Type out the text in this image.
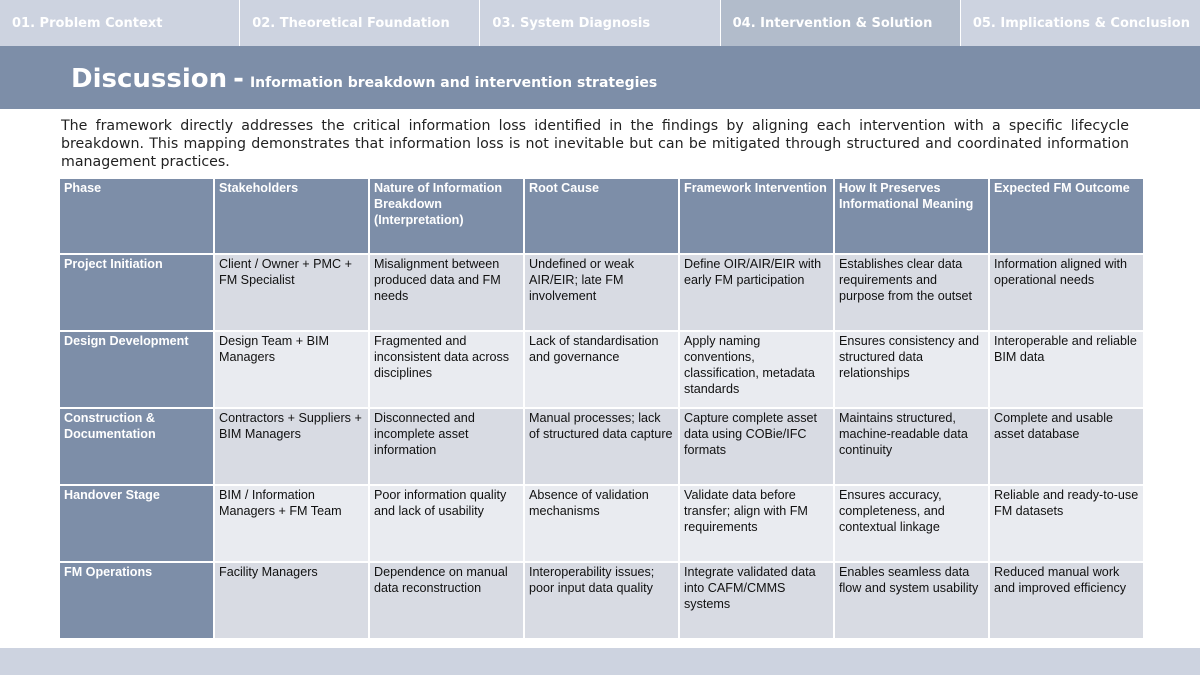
01. Problem Context	02. Theoretical Foundation	03. System Diagnosis	04. Intervention & Solution	05. Implications & Conclusion
Discussion - Information breakdown and intervention strategies

The framework directly addresses the critical information loss identified in the findings by aligning each intervention with a specific lifecycle breakdown. This mapping demonstrates that information loss is not inevitable but can be mitigated through structured and coordinated information management practices.

Phase	Stakeholders	Nature of Information Breakdown (Interpretation)	Root Cause	Framework Intervention	How It Preserves Informational Meaning	Expected FM Outcome
Project Initiation	Client / Owner + PMC + FM Specialist	Misalignment between produced data and FM needs	Undefined or weak AIR/EIR; late FM involvement	Define OIR/AIR/EIR with early FM participation	Establishes clear data requirements and purpose from the outset	Information aligned with operational needs
Design Development	Design Team + BIM Managers	Fragmented and inconsistent data across disciplines	Lack of standardisation and governance	Apply naming conventions, classification, metadata standards	Ensures consistency and structured data relationships	Interoperable and reliable BIM data
Construction & Documentation	Contractors + Suppliers + BIM Managers	Disconnected and incomplete asset information	Manual processes; lack of structured data capture	Capture complete asset data using COBie/IFC formats	Maintains structured, machine-readable data continuity	Complete and usable asset database
Handover Stage	BIM / Information Managers + FM Team	Poor information quality and lack of usability	Absence of validation mechanisms	Validate data before transfer; align with FM requirements	Ensures accuracy, completeness, and contextual linkage	Reliable and ready-to-use FM datasets
FM Operations	Facility Managers	Dependence on manual data reconstruction	Interoperability issues; poor input data quality	Integrate validated data into CAFM/CMMS systems	Enables seamless data flow and system usability	Reduced manual work and improved efficiency
